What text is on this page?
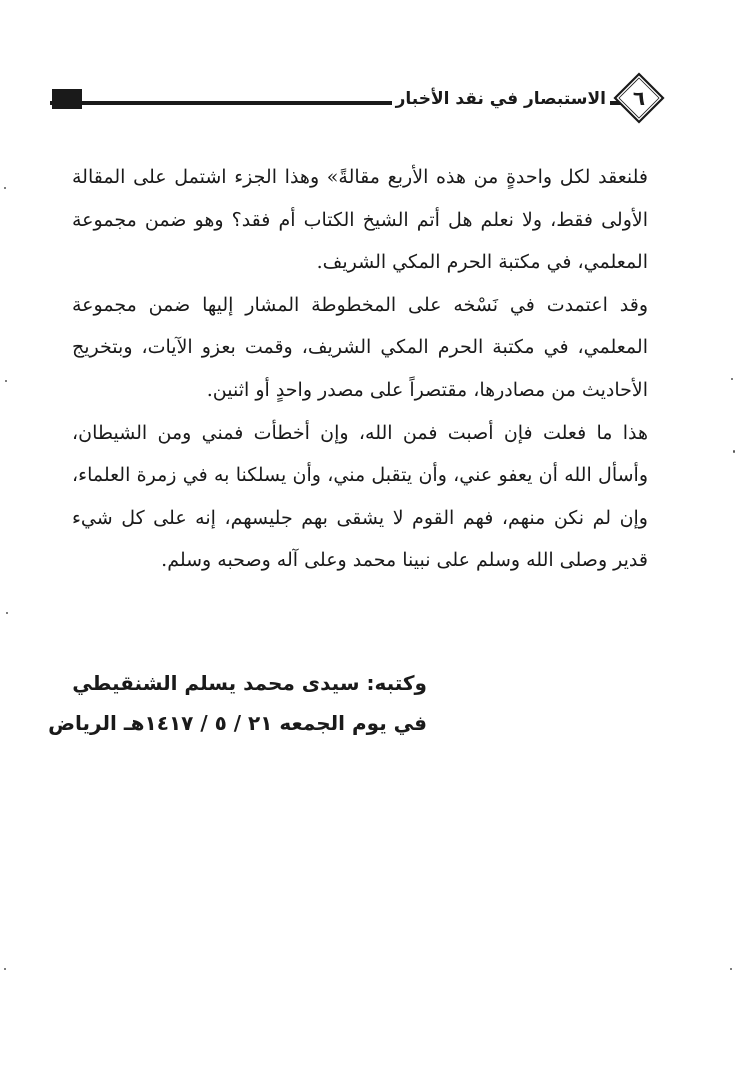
الاستبصار في نقد الأخبار	٦

فلنعقد لكل واحدةٍ من هذه الأربع مقالةً» وهذا الجزء اشتمل على المقالة الأولى فقط، ولا نعلم هل أتم الشيخ الكتاب أم فقد؟ وهو ضمن مجموعة المعلمي، في مكتبة الحرم المكي الشريف.

وقد اعتمدت في نَسْخه على المخطوطة المشار إليها ضمن مجموعة المعلمي، في مكتبة الحرم المكي الشريف، وقمت بعزو الآيات، وبتخريج الأحاديث من مصادرها، مقتصراً على مصدر واحدٍ أو اثنين.

هذا ما فعلت فإن أصبت فمن الله، وإن أخطأت فمني ومن الشيطان، وأسأل الله أن يعفو عني، وأن يتقبل مني، وأن يسلكنا به في زمرة العلماء، وإن لم نكن منهم، فهم القوم لا يشقى بهم جليسهم، إنه على كل شيء قدير وصلى الله وسلم على نبينا محمد وعلى آله وصحبه وسلم.

وكتبه: سيدى محمد يسلم الشنقيطي
في يوم الجمعه ٢١ / ٥ / ١٤١٧هـ الرياض
